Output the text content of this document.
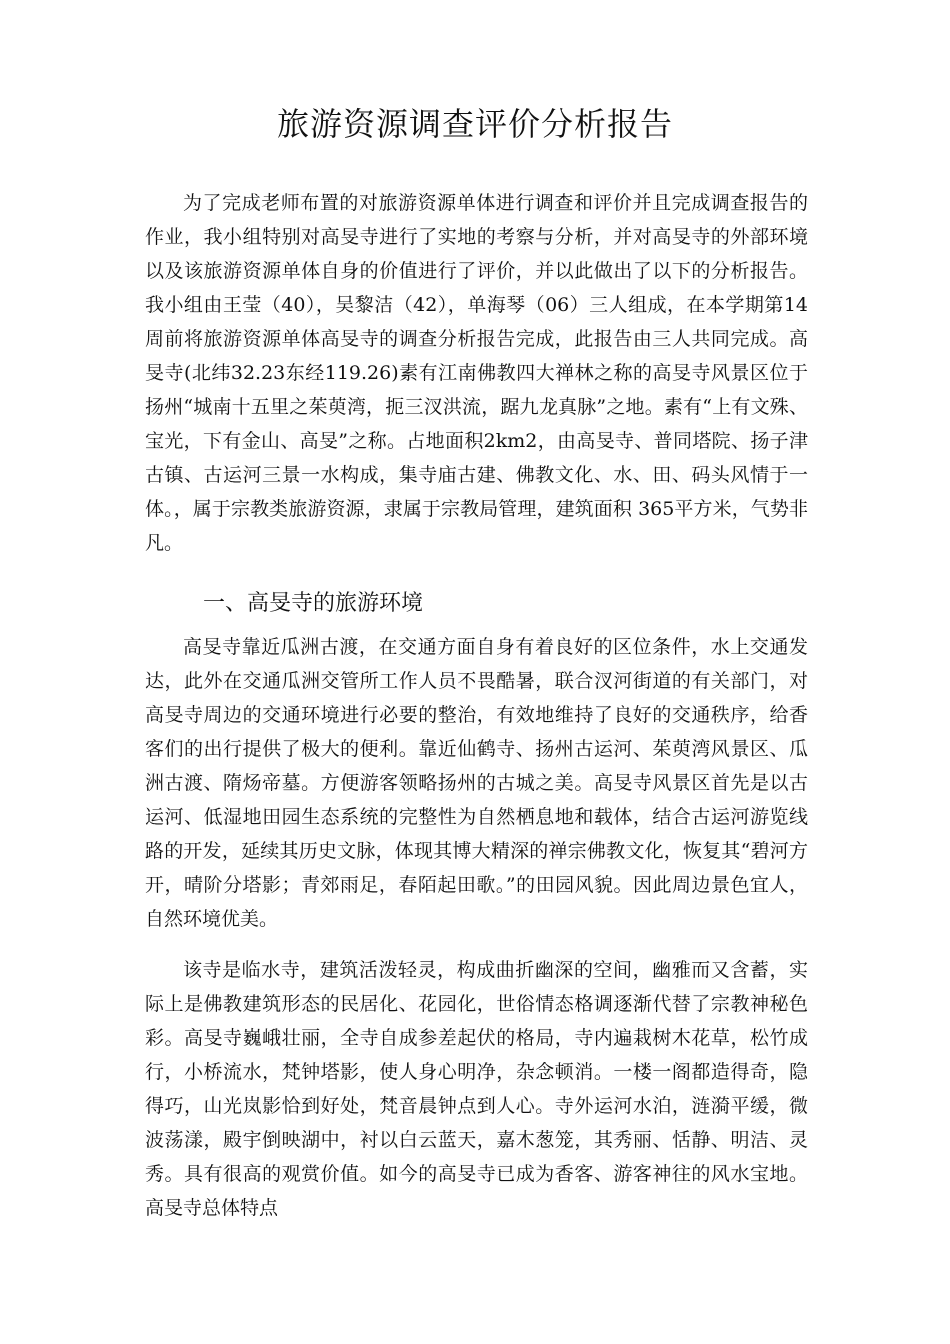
旅游资源调查评价分析报告

为了完成老师布置的对旅游资源单体进行调查和评价并且完成调查报告的作业，我小组特别对高旻寺进行了实地的考察与分析，并对高旻寺的外部环境以及该旅游资源单体自身的价值进行了评价，并以此做出了以下的分析报告。我小组由王莹（40），吴黎洁（42），单海琴（06）三人组成，在本学期第14周前将旅游资源单体高旻寺的调查分析报告完成，此报告由三人共同完成。高旻寺(北纬32.23东经119.26)素有江南佛教四大禅林之称的高旻寺风景区位于扬州“城南十五里之茱萸湾，扼三汊洪流，踞九龙真脉”之地。素有“上有文殊、宝光，下有金山、高旻”之称。占地面积2km2，由高旻寺、普同塔院、扬子津古镇、古运河三景一水构成，集寺庙古建、佛教文化、水、田、码头风情于一体。，属于宗教类旅游资源，隶属于宗教局管理，建筑面积 365平方米，气势非凡。

一、高旻寺的旅游环境

高旻寺靠近瓜洲古渡，在交通方面自身有着良好的区位条件，水上交通发达，此外在交通瓜洲交管所工作人员不畏酷暑，联合汊河街道的有关部门，对高旻寺周边的交通环境进行必要的整治，有效地维持了良好的交通秩序，给香客们的出行提供了极大的便利。靠近仙鹤寺、扬州古运河、茱萸湾风景区、瓜洲古渡、隋炀帝墓。方便游客领略扬州的古城之美。高旻寺风景区首先是以古运河、低湿地田园生态系统的完整性为自然栖息地和载体，结合古运河游览线路的开发，延续其历史文脉，体现其博大精深的禅宗佛教文化，恢复其“碧河方开，晴阶分塔影；青郊雨足，春陌起田歌。”的田园风貌。因此周边景色宜人，自然环境优美。

该寺是临水寺，建筑活泼轻灵，构成曲折幽深的空间，幽雅而又含蓄，实际上是佛教建筑形态的民居化、花园化，世俗情态格调逐渐代替了宗教神秘色彩。高旻寺巍峨壮丽，全寺自成参差起伏的格局，寺内遍栽树木花草，松竹成行，小桥流水，梵钟塔影，使人身心明净，杂念顿消。一楼一阁都造得奇，隐得巧，山光岚影恰到好处，梵音晨钟点到人心。寺外运河水泊，涟漪平缓，微波荡漾，殿宇倒映湖中，衬以白云蓝天，嘉木葱笼，其秀丽、恬静、明洁、灵秀。具有很高的观赏价值。如今的高旻寺已成为香客、游客神往的风水宝地。高旻寺总体特点
